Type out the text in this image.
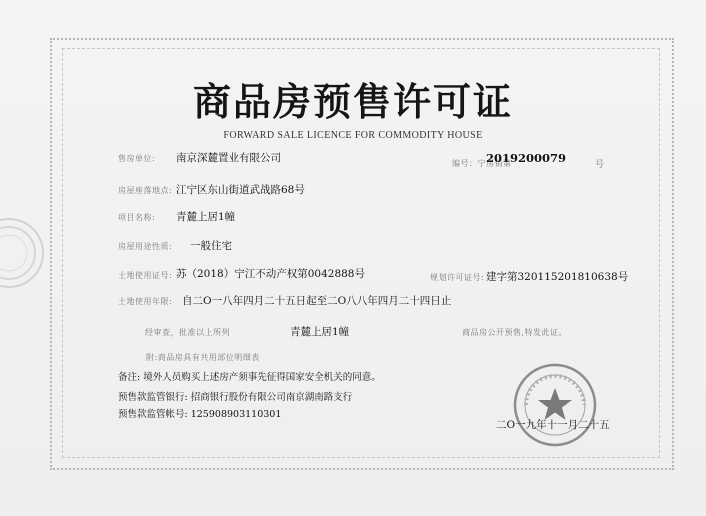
商品房预售许可证
FORWARD SALE LICENCE FOR COMMODITY HOUSE
售房单位: 南京深麓置业有限公司	编号：宁房销第
2019200079	号
房屋座落地点: 江宁区东山街道武战路68号
项目名称: 青麓上居1幢
房屋用途性质: 一般住宅
土地使用证号: 苏（2018）宁江不动产权第0042888号	规划许可证号: 建字第320115201810638号
土地使用年限: 自二O一八年四月二十五日起至二O八八年四月二十四日止
经审查，批准以上所列	青麓上居1幢	商品房公开预售,特发此证。
附:商品房具有共用部位明细表
备注: 境外人员购买上述房产须事先征得国家安全机关的同意。
预售款监管银行: 招商银行股份有限公司南京湖南路支行
预售款监管帐号: 125908903110301
二O一九年十一月二十五
